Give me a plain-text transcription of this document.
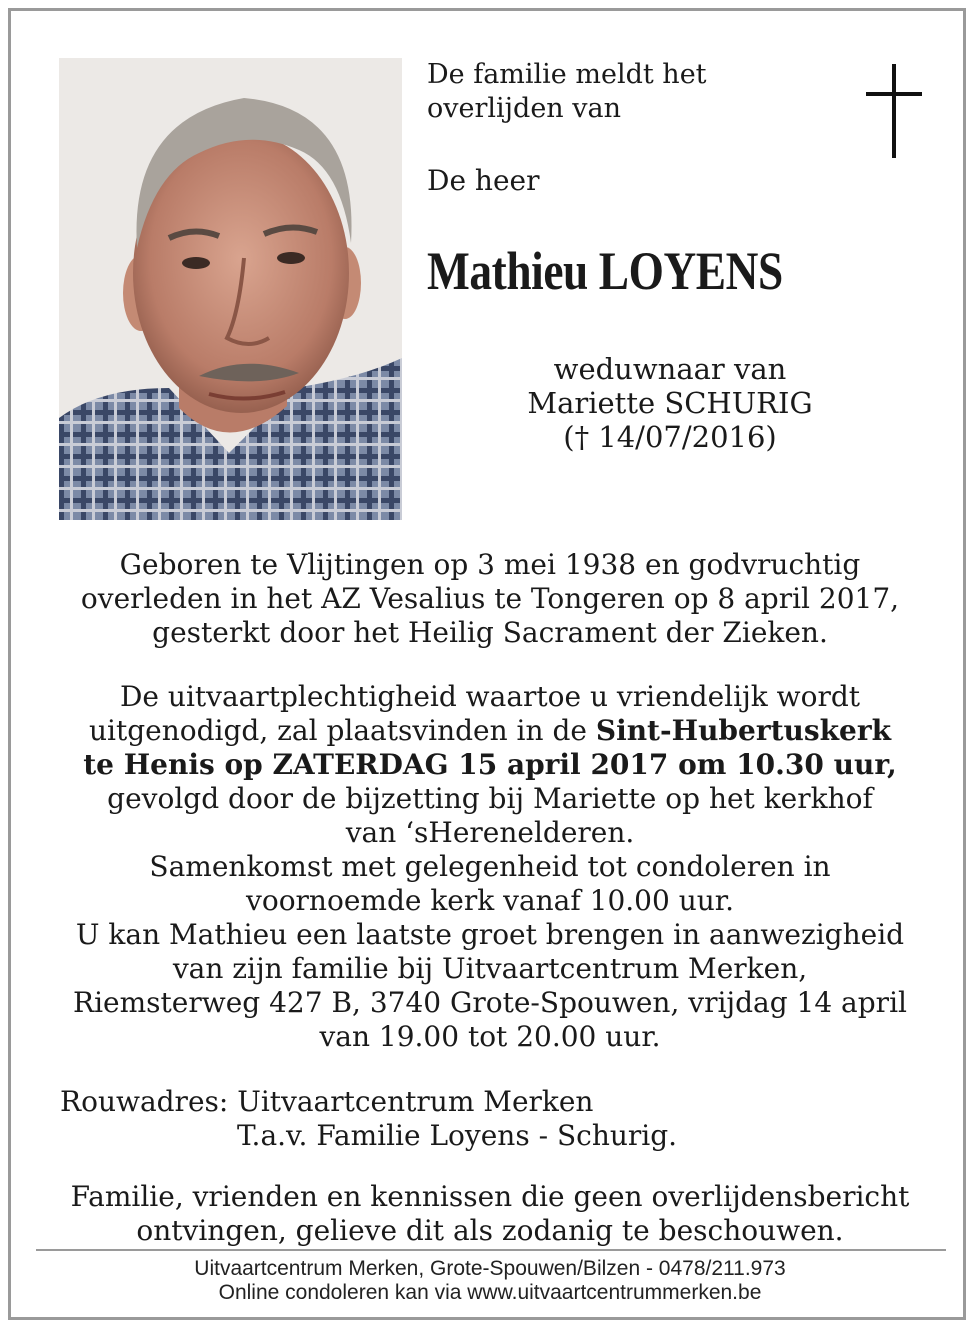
De familie meldt het
overlijden van
De heer
Mathieu LOYENS
weduwnaar van
Mariette SCHURIG
(† 14/07/2016)
Geboren te Vlijtingen op 3 mei 1938 en godvruchtig
overleden in het AZ Vesalius te Tongeren op 8 april 2017,
gesterkt door het Heilig Sacrament der Zieken.
De uitvaartplechtigheid waartoe u vriendelijk wordt
uitgenodigd, zal plaatsvinden in de Sint-Hubertuskerk
te Henis op ZATERDAG 15 april 2017 om 10.30 uur,
gevolgd door de bijzetting bij Mariette op het kerkhof
van ‘sHerenelderen.
Samenkomst met gelegenheid tot condoleren in
voornoemde kerk vanaf 10.00 uur.
U kan Mathieu een laatste groet brengen in aanwezigheid
van zijn familie bij Uitvaartcentrum Merken,
Riemsterweg 427 B, 3740 Grote-Spouwen, vrijdag 14 april
van 19.00 tot 20.00 uur.
Rouwadres: Uitvaartcentrum Merken
T.a.v. Familie Loyens - Schurig.
Familie, vrienden en kennissen die geen overlijdensbericht
ontvingen, gelieve dit als zodanig te beschouwen.
Uitvaartcentrum Merken, Grote-Spouwen/Bilzen - 0478/211.973
Online condoleren kan via www.uitvaartcentrummerken.be
